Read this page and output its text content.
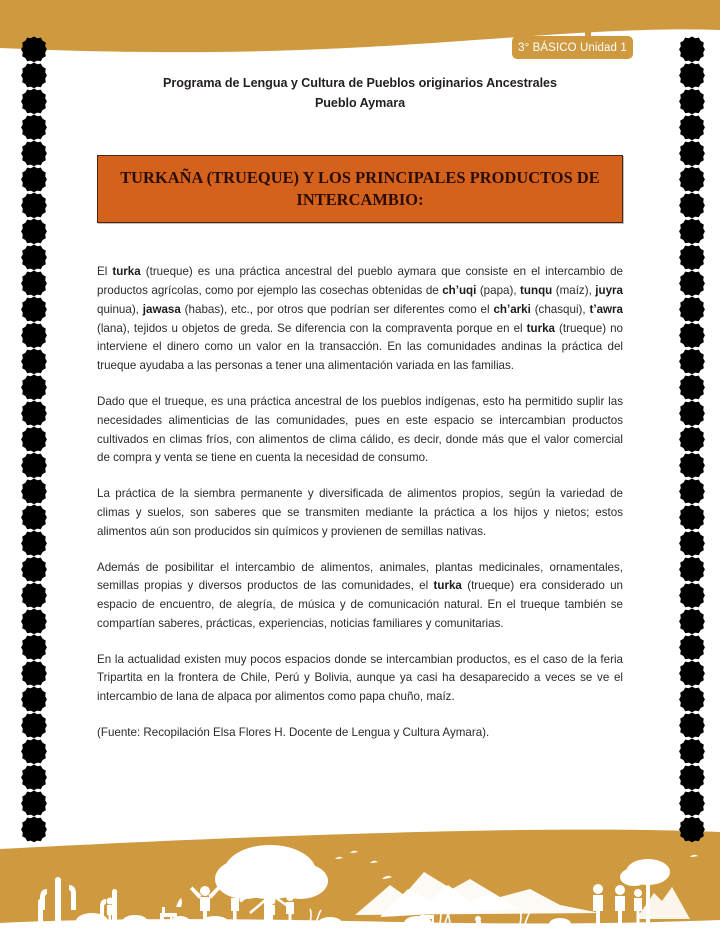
3° BÁSICO Unidad 1
Programa de Lengua y Cultura de Pueblos originarios Ancestrales
Pueblo Aymara
TURKAÑA (TRUEQUE) Y LOS PRINCIPALES PRODUCTOS DE INTERCAMBIO:

El turka (trueque) es una práctica ancestral del pueblo aymara que consiste en el intercambio de productos agrícolas, como por ejemplo las cosechas obtenidas de ch’uqi (papa), tunqu (maíz), juyra quinua), jawasa (habas), etc., por otros que podrían ser diferentes como el ch’arki (chasqui), t’awra (lana), tejidos u objetos de greda. Se diferencia con la compraventa porque en el turka (trueque) no interviene el dinero como un valor en la transacción. En las comunidades andinas la práctica del trueque ayudaba a las personas a tener una alimentación variada en las familias.

Dado que el trueque, es una práctica ancestral de los pueblos indígenas, esto ha permitido suplir las necesidades alimenticias de las comunidades, pues en este espacio se intercambian productos cultivados en climas fríos, con alimentos de clima cálido, es decir, donde más que el valor comercial de compra y venta se tiene en cuenta la necesidad de consumo.

La práctica de la siembra permanente y diversificada de alimentos propios, según la variedad de climas y suelos, son saberes que se transmiten mediante la práctica a los hijos y nietos; estos alimentos aún son producidos sin químicos y provienen de semillas nativas.

Además de posibilitar el intercambio de alimentos, animales, plantas medicinales, ornamentales, semillas propias y diversos productos de las comunidades, el turka (trueque) era considerado un espacio de encuentro, de alegría, de música y de comunicación natural. En el trueque también se compartían saberes, prácticas, experiencias, noticias familiares y comunitarias.

En la actualidad existen muy pocos espacios donde se intercambian productos, es el caso de la feria Tripartita en la frontera de Chile, Perú y Bolivia, aunque ya casi ha desaparecido a veces se ve el intercambio de lana de alpaca por alimentos como papa chuño, maíz.

(Fuente: Recopilación Elsa Flores H. Docente de Lengua y Cultura Aymara).
